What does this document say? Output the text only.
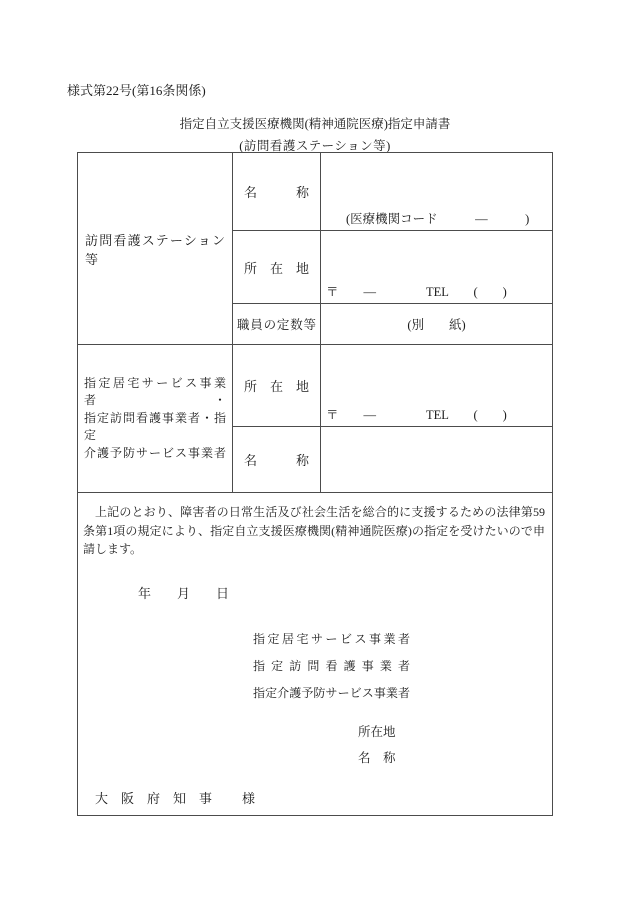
様式第22号(第16条関係)
指定自立支援医療機関(精神通院医療)指定申請書
(訪問看護ステーション等)
訪問看護ステーション等
名称
(医療機関コード　　　―　　　)
所在地
〒　　―　　　　TEL　　(　　)
職員の定数等	(別　　紙)
指定居宅サービス事業者・
指定訪問看護事業者・指定
介護予防サービス事業者
所在地
〒　　―　　　　TEL　　(　　)
名称
上記のとおり、障害者の日常生活及び社会生活を総合的に支援するための法律第59条第1項の規定により、指定自立支援医療機関(精神通院医療)の指定を受けたいので申請します。
年　　月　　日
指定居宅サービス事業者
指定訪問看護事業者
指定介護予防サービス事業者
所在地
名　称
大阪府知事 様
